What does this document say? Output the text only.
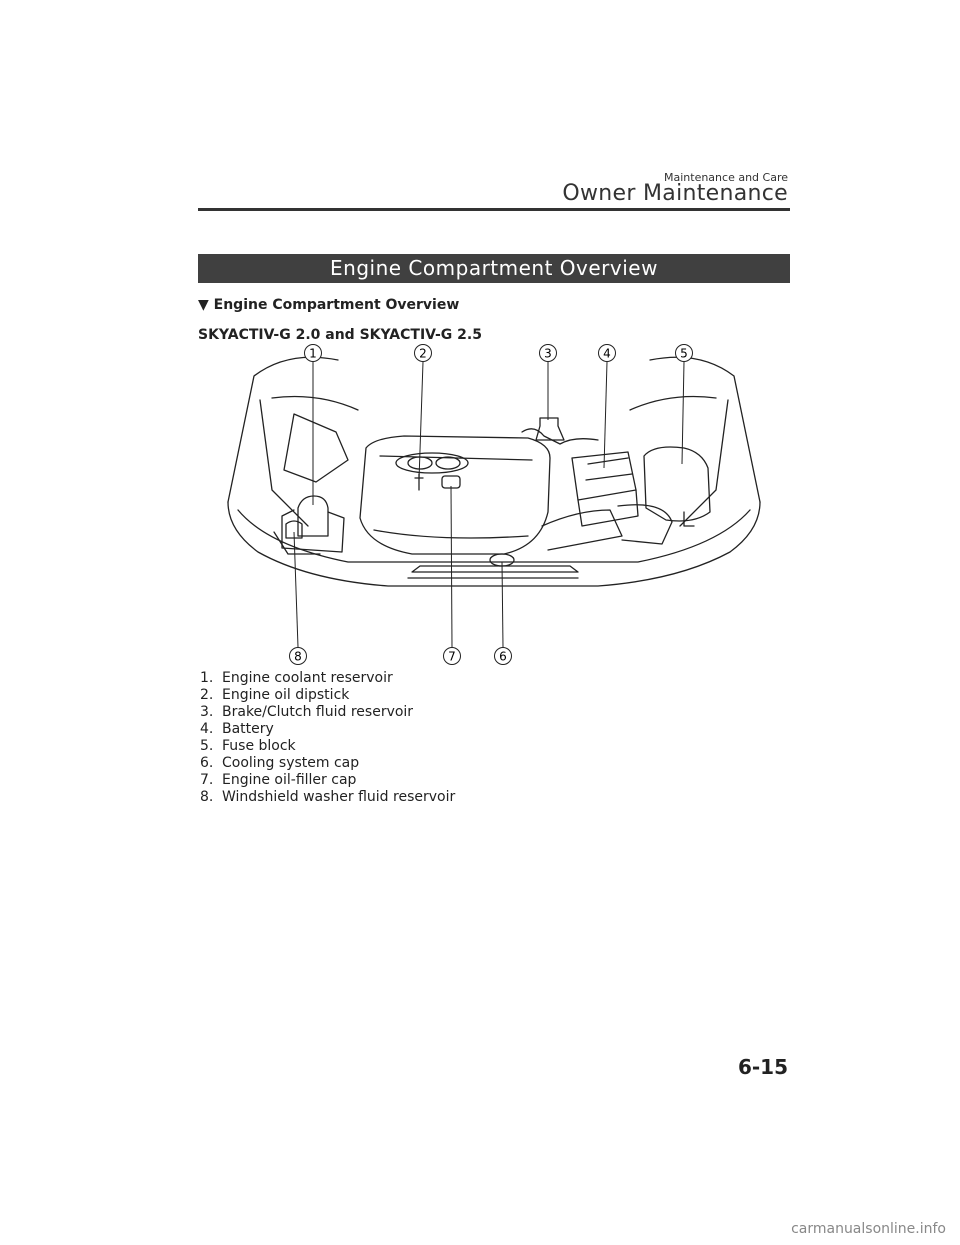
Maintenance and Care
Owner Maintenance
Engine Compartment Overview
▼ Engine Compartment Overview
SKYACTIV-G 2.0 and SKYACTIV-G 2.5
1	2	3	4	5
6
7
8
1. Engine coolant reservoir
2. Engine oil dipstick
3. Brake/Clutch fluid reservoir
4. Battery
5. Fuse block
6. Cooling system cap
7. Engine oil-filler cap
8. Windshield washer fluid reservoir
6-15
carmanualsonline.info
